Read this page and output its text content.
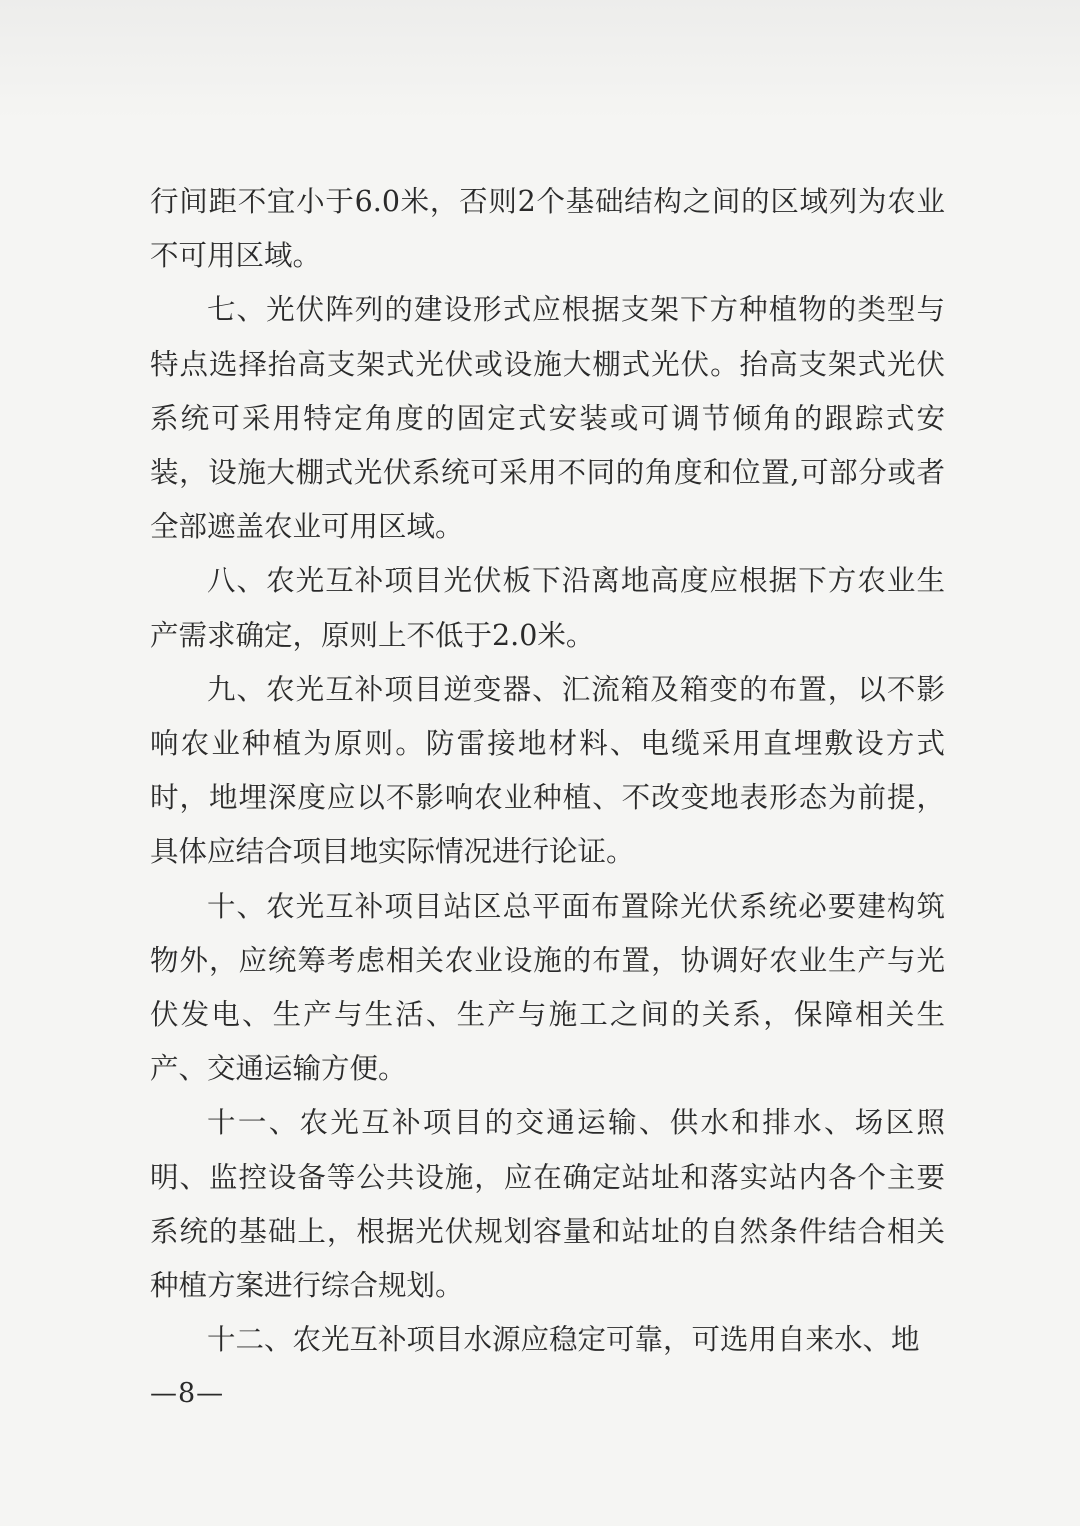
行间距不宜小于6.0米，否则2个基础结构之间的区域列为农业不可用区域。

七、光伏阵列的建设形式应根据支架下方种植物的类型与特点选择抬高支架式光伏或设施大棚式光伏。抬高支架式光伏系统可采用特定角度的固定式安装或可调节倾角的跟踪式安装，设施大棚式光伏系统可采用不同的角度和位置,可部分或者全部遮盖农业可用区域。

八、农光互补项目光伏板下沿离地高度应根据下方农业生产需求确定，原则上不低于2.0米。

九、农光互补项目逆变器、汇流箱及箱变的布置，以不影响农业种植为原则。防雷接地材料、电缆采用直埋敷设方式时，地埋深度应以不影响农业种植、不改变地表形态为前提，具体应结合项目地实际情况进行论证。

十、农光互补项目站区总平面布置除光伏系统必要建构筑物外，应统筹考虑相关农业设施的布置，协调好农业生产与光伏发电、生产与生活、生产与施工之间的关系，保障相关生产、交通运输方便。

十一、农光互补项目的交通运输、供水和排水、场区照明、监控设备等公共设施，应在确定站址和落实站内各个主要系统的基础上，根据光伏规划容量和站址的自然条件结合相关种植方案进行综合规划。

十二、农光互补项目水源应稳定可靠，可选用自来水、地

—8—
